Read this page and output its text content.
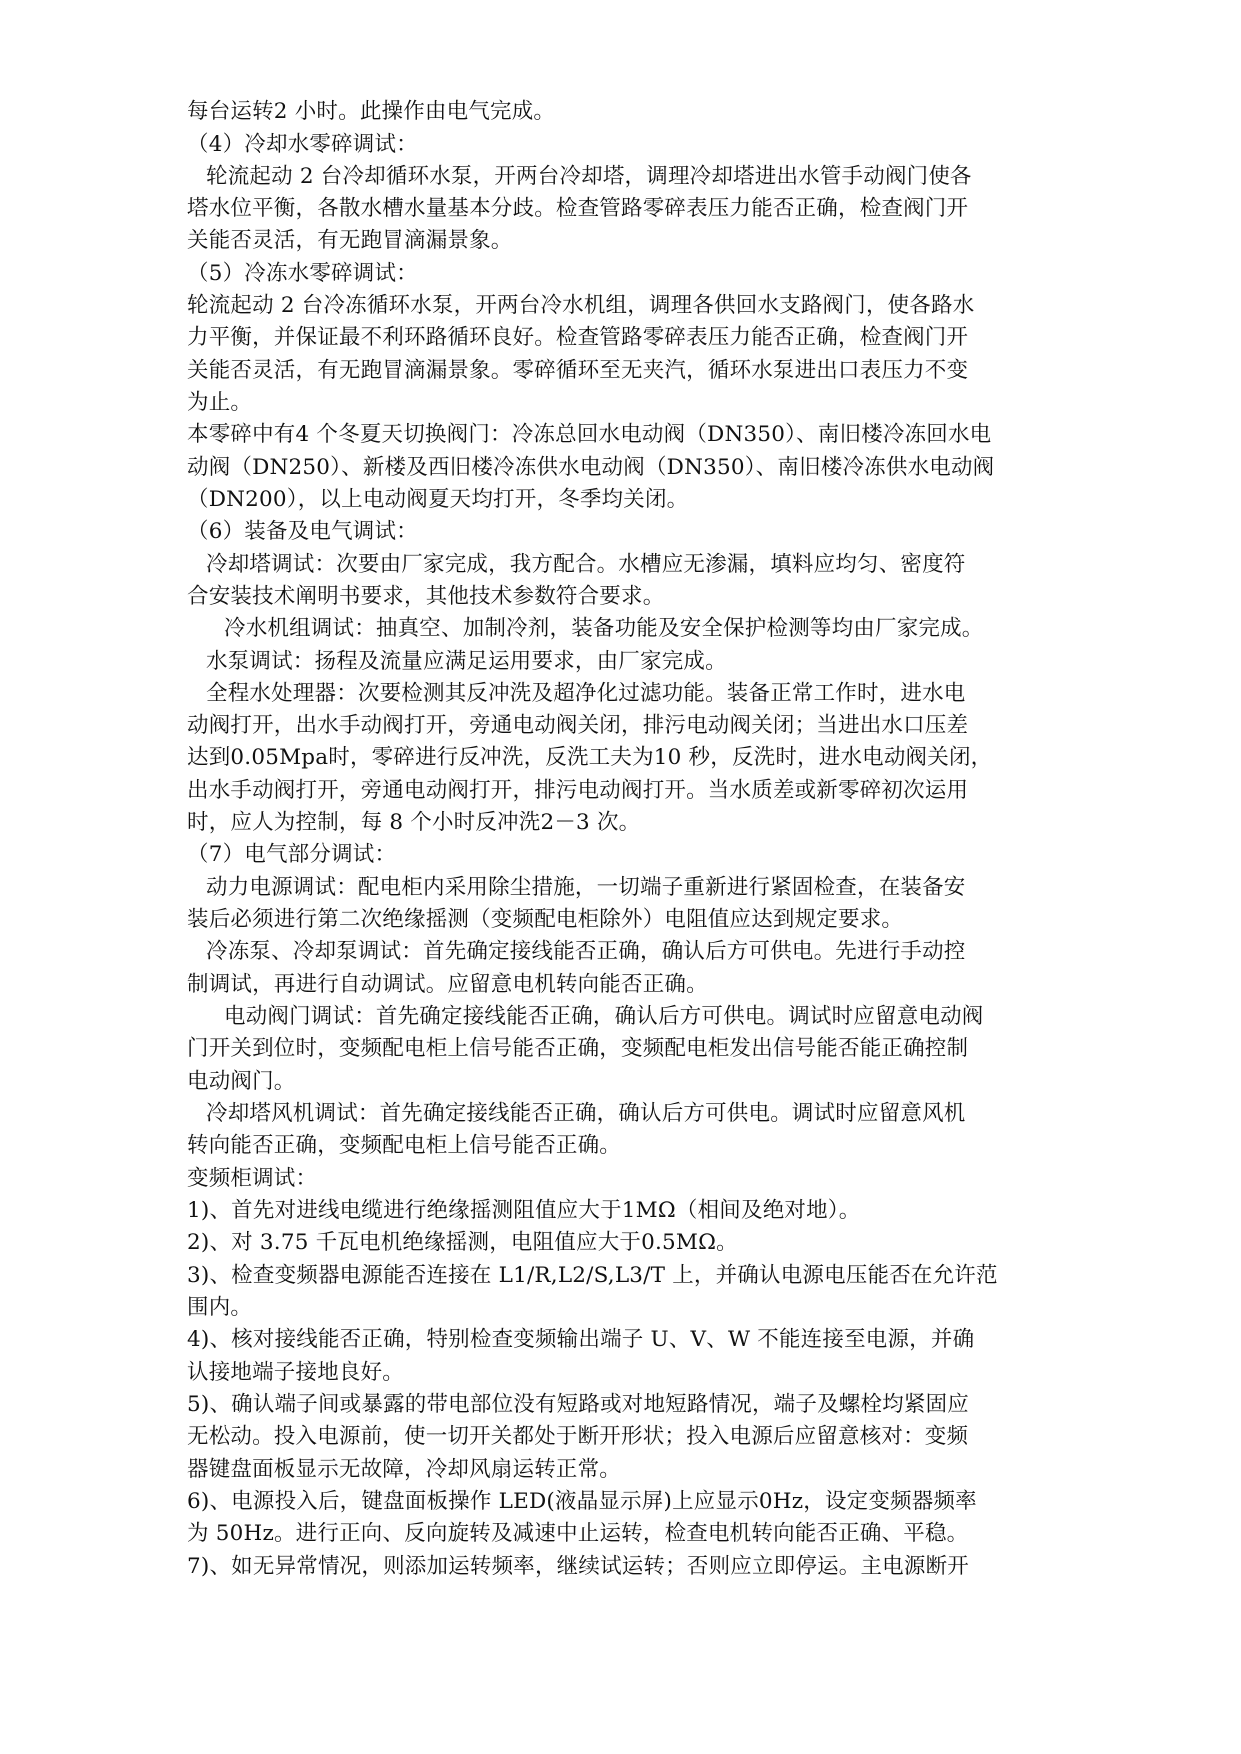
每台运转2 小时。此操作由电气完成。
（4）冷却水零碎调试：
轮流起动 2 台冷却循环水泵，开两台冷却塔，调理冷却塔进出水管手动阀门使各
塔水位平衡，各散水槽水量基本分歧。检查管路零碎表压力能否正确，检查阀门开
关能否灵活，有无跑冒滴漏景象。
（5）冷冻水零碎调试：
轮流起动 2 台冷冻循环水泵，开两台冷水机组，调理各供回水支路阀门，使各路水
力平衡，并保证最不利环路循环良好。检查管路零碎表压力能否正确，检查阀门开
关能否灵活，有无跑冒滴漏景象。零碎循环至无夹汽，循环水泵进出口表压力不变
为止。
本零碎中有4 个冬夏天切换阀门：冷冻总回水电动阀（DN350）、南旧楼冷冻回水电
动阀（DN250）、新楼及西旧楼冷冻供水电动阀（DN350）、南旧楼冷冻供水电动阀
（DN200），以上电动阀夏天均打开，冬季均关闭。
（6）装备及电气调试：
冷却塔调试：次要由厂家完成，我方配合。水槽应无渗漏，填料应均匀、密度符
合安装技术阐明书要求，其他技术参数符合要求。
冷水机组调试：抽真空、加制冷剂，装备功能及安全保护检测等均由厂家完成。
水泵调试：扬程及流量应满足运用要求，由厂家完成。
全程水处理器：次要检测其反冲洗及超净化过滤功能。装备正常工作时，进水电
动阀打开，出水手动阀打开，旁通电动阀关闭，排污电动阀关闭；当进出水口压差
达到0.05Mpa时，零碎进行反冲洗，反洗工夫为10 秒，反洗时，进水电动阀关闭，
出水手动阀打开，旁通电动阀打开，排污电动阀打开。当水质差或新零碎初次运用
时，应人为控制，每 8 个小时反冲洗2－3 次。
（7）电气部分调试：
动力电源调试：配电柜内采用除尘措施，一切端子重新进行紧固检查，在装备安
装后必须进行第二次绝缘摇测（变频配电柜除外）电阻值应达到规定要求。
冷冻泵、冷却泵调试：首先确定接线能否正确，确认后方可供电。先进行手动控
制调试，再进行自动调试。应留意电机转向能否正确。
电动阀门调试：首先确定接线能否正确，确认后方可供电。调试时应留意电动阀
门开关到位时，变频配电柜上信号能否正确，变频配电柜发出信号能否能正确控制
电动阀门。
冷却塔风机调试：首先确定接线能否正确，确认后方可供电。调试时应留意风机
转向能否正确，变频配电柜上信号能否正确。
变频柜调试：
1)、首先对进线电缆进行绝缘摇测阻值应大于1MΩ（相间及绝对地）。
2)、对 3.75 千瓦电机绝缘摇测，电阻值应大于0.5MΩ。
3)、检查变频器电源能否连接在 L1/R,L2/S,L3/T 上，并确认电源电压能否在允许范
围内。
4)、核对接线能否正确，特别检查变频输出端子 U、V、W 不能连接至电源，并确
认接地端子接地良好。
5)、确认端子间或暴露的带电部位没有短路或对地短路情况，端子及螺栓均紧固应
无松动。投入电源前，使一切开关都处于断开形状；投入电源后应留意核对：变频
器键盘面板显示无故障，冷却风扇运转正常。
6)、电源投入后，键盘面板操作 LED(液晶显示屏)上应显示0Hz，设定变频器频率
为 50Hz。进行正向、反向旋转及减速中止运转，检查电机转向能否正确、平稳。
7)、如无异常情况，则添加运转频率，继续试运转；否则应立即停运。主电源断开
